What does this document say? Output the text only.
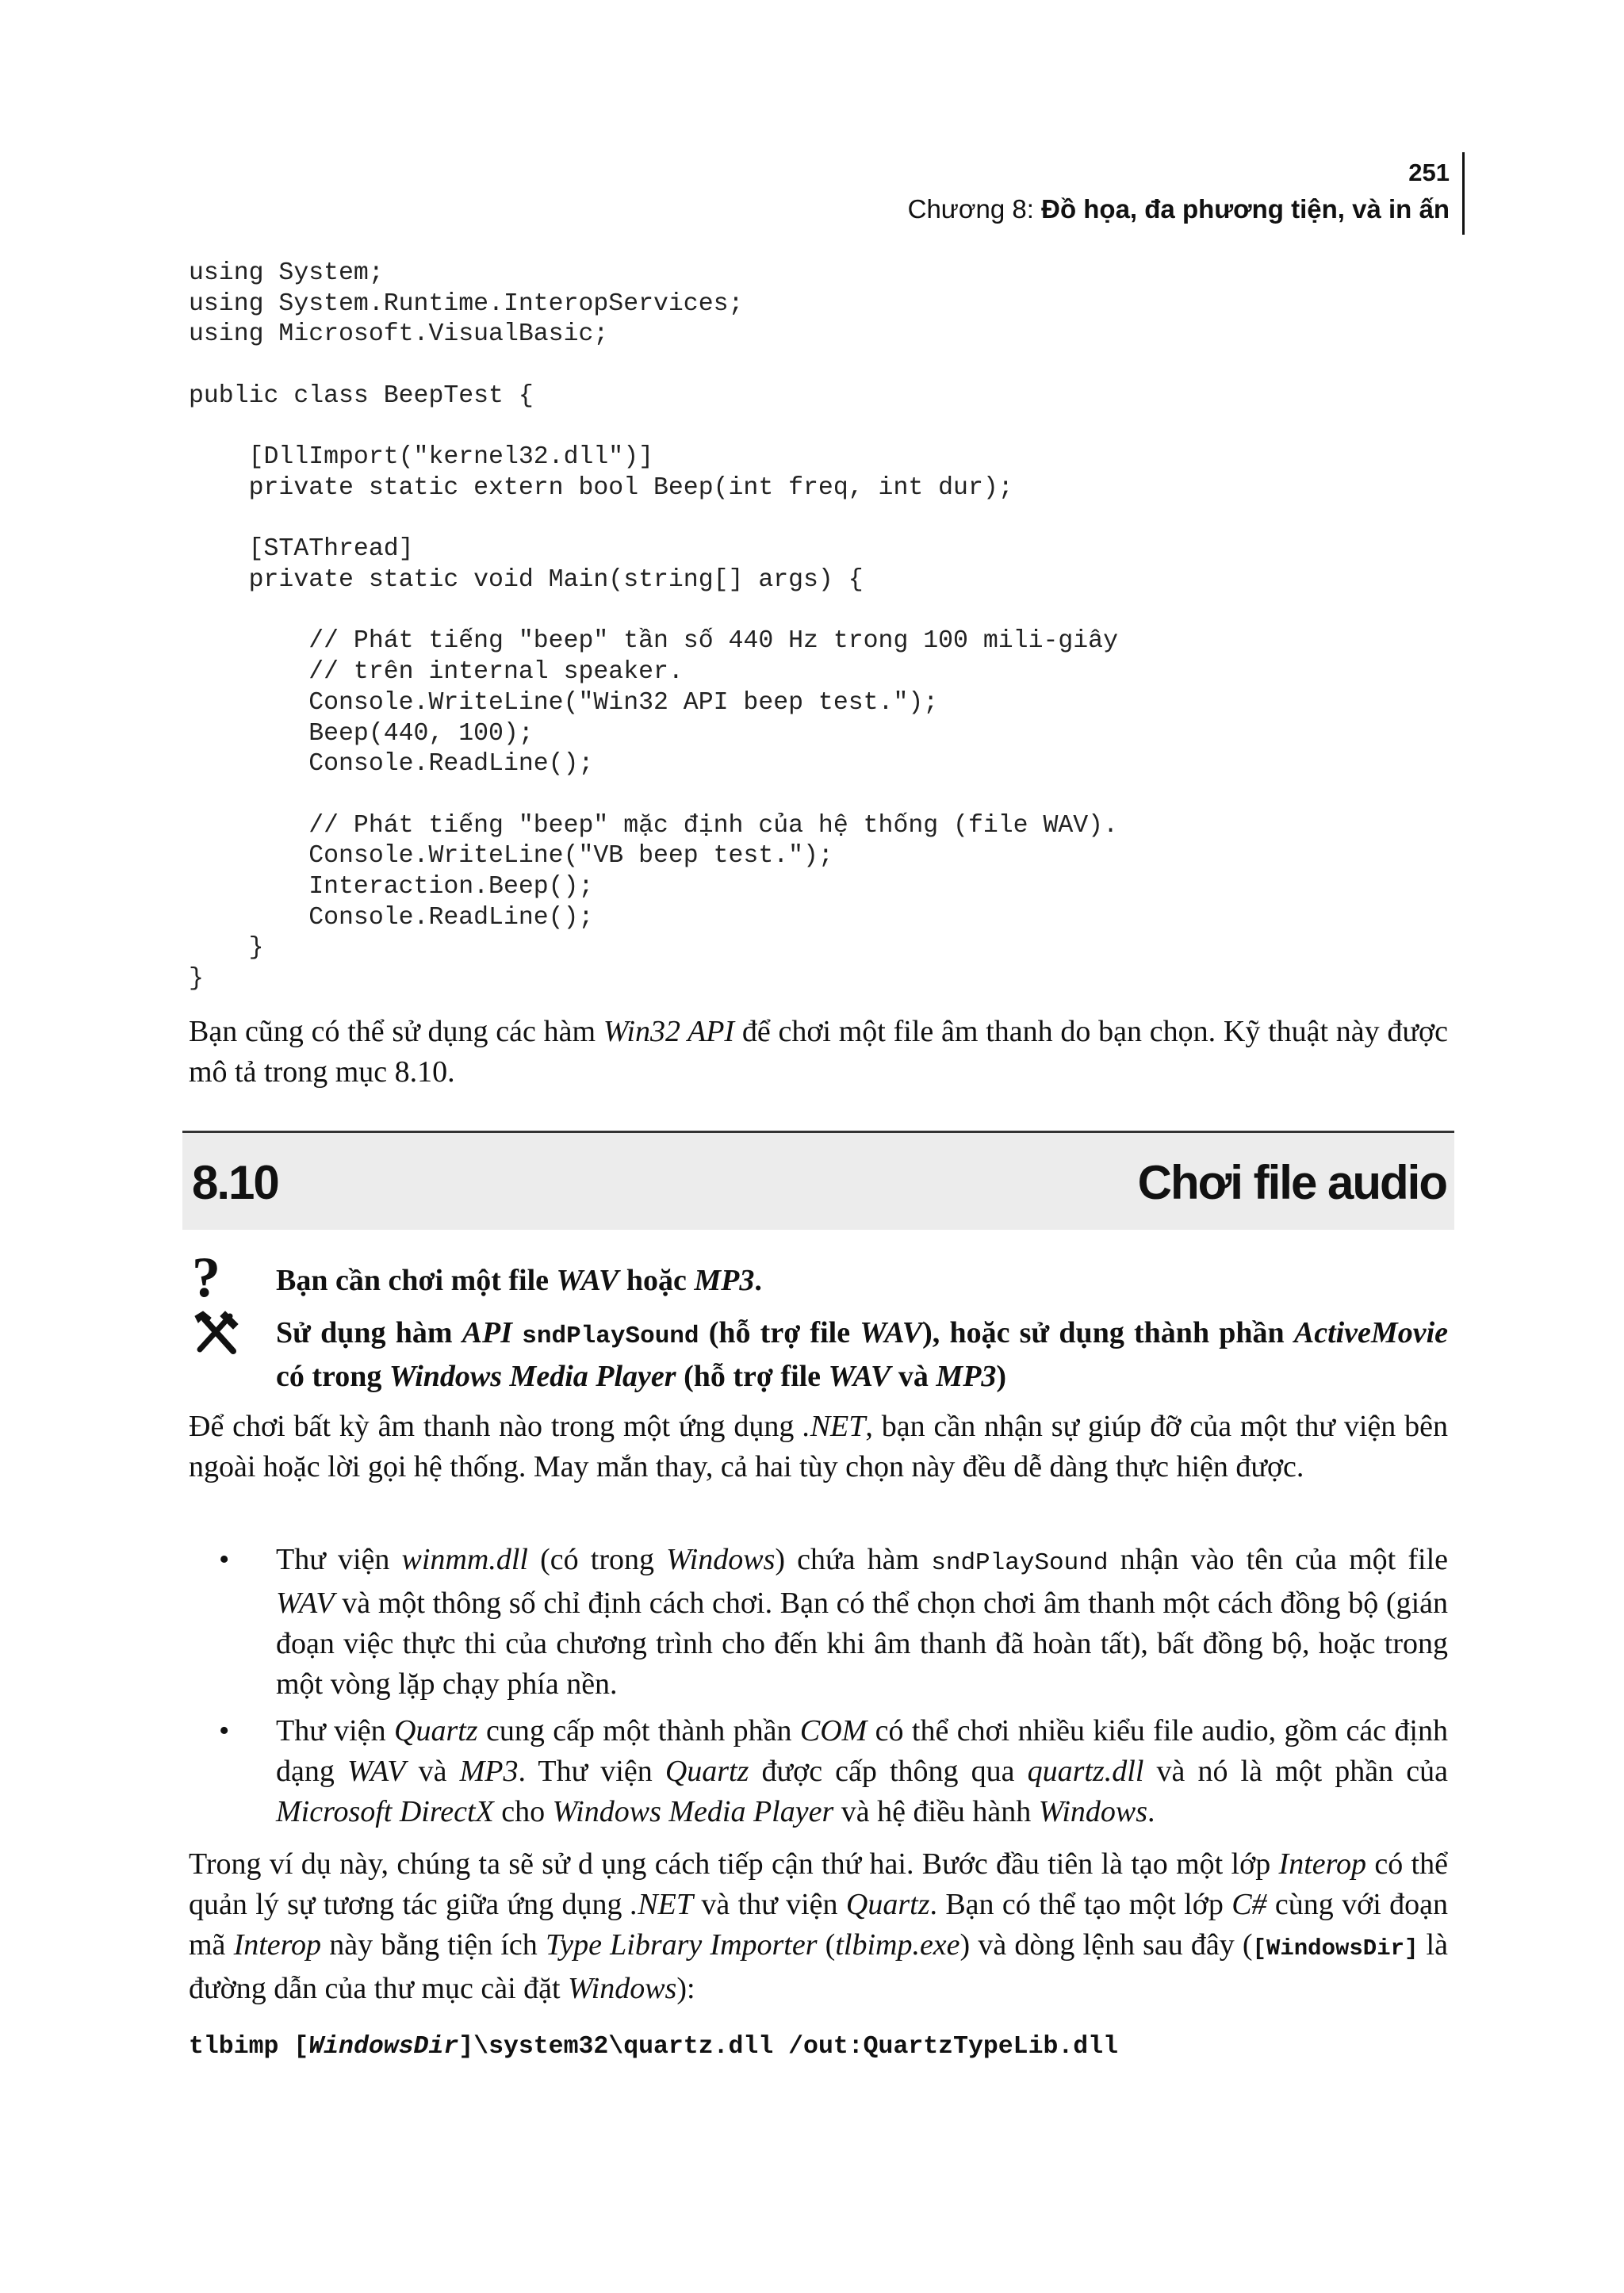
251
Chương 8: Đồ họa, đa phương tiện, và in ấn
using System;
using System.Runtime.InteropServices;
using Microsoft.VisualBasic;

public class BeepTest {

[DllImport("kernel32.dll")]
private static extern bool Beep(int freq, int dur);

[STAThread]
private static void Main(string[] args) {

// Phát tiếng "beep" tần số 440 Hz trong 100 mili-giây
// trên internal speaker.
Console.WriteLine("Win32 API beep test.");
Beep(440, 100);
Console.ReadLine();

// Phát tiếng "beep" mặc định của hệ thống (file WAV).
Console.WriteLine("VB beep test.");
Interaction.Beep();
Console.ReadLine();
}
}

Bạn cũng có thể sử dụng các hàm Win32 API để chơi một file âm thanh do bạn chọn. Kỹ thuật này được mô tả trong mục 8.10.

8.10	Chơi file audio
? Bạn cần chơi một file WAV hoặc MP3.

Sử dụng hàm API sndPlaySound (hỗ trợ file WAV), hoặc sử dụng thành phần ActiveMovie có trong Windows Media Player (hỗ trợ file WAV và MP3)

Để chơi bất kỳ âm thanh nào trong một ứng dụng .NET, bạn cần nhận sự giúp đỡ của một thư viện bên ngoài hoặc lời gọi hệ thống. May mắn thay, cả hai tùy chọn này đều dễ dàng thực hiện được.

• Thư viện winmm.dll (có trong Windows) chứa hàm sndPlaySound nhận vào tên của một file WAV và một thông số chỉ định cách chơi. Bạn có thể chọn chơi âm thanh một cách đồng bộ (gián đoạn việc thực thi của chương trình cho đến khi âm thanh đã hoàn tất), bất đồng bộ, hoặc trong một vòng lặp chạy phía nền.

• Thư viện Quartz cung cấp một thành phần COM có thể chơi nhiều kiểu file audio, gồm các định dạng WAV và MP3. Thư viện Quartz được cấp thông qua quartz.dll và nó là một phần của Microsoft DirectX cho Windows Media Player và hệ điều hành Windows.

Trong ví dụ này, chúng ta sẽ sử d ụng cách tiếp cận thứ hai. Bước đầu tiên là tạo một lớp Interop có thể quản lý sự tương tác giữa ứng dụng .NET và thư viện Quartz. Bạn có thể tạo một lớp C# cùng với đoạn mã Interop này bằng tiện ích Type Library Importer (tlbimp.exe) và dòng lệnh sau đây ([WindowsDir] là đường dẫn của thư mục cài đặt Windows):

tlbimp [WindowsDir]\system32\quartz.dll /out:QuartzTypeLib.dll
